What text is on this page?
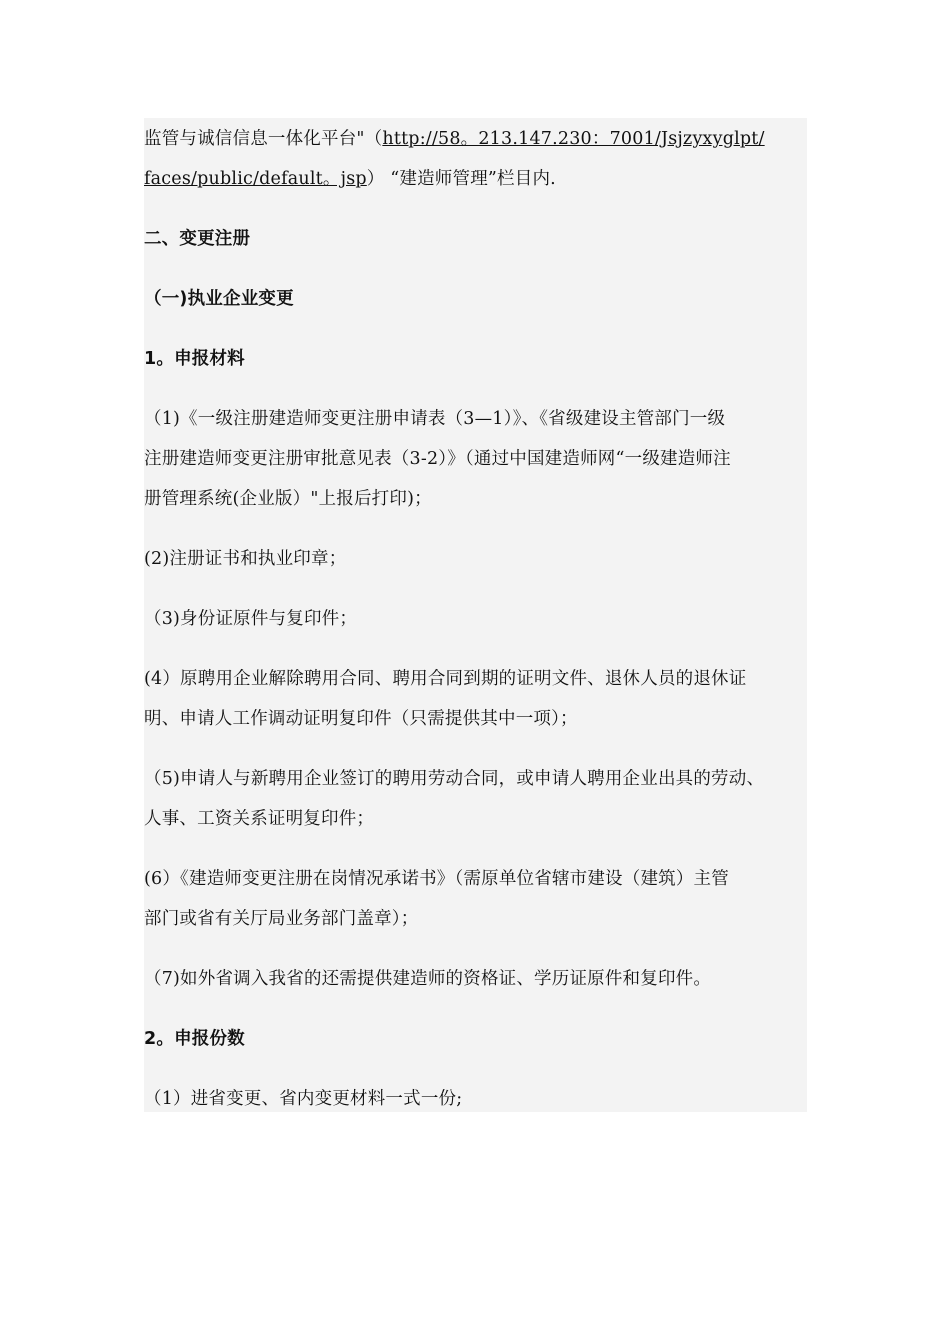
监管与诚信信息一体化平台"（http://58。213.147.230：7001/Jsjzyxyglpt/
faces/public/default。jsp） “建造师管理”栏目内.
二、变更注册
（一)执业企业变更
1。申报材料
（1)《一级注册建造师变更注册申请表（3—1）》、《省级建设主管部门一级
注册建造师变更注册审批意见表（3-2）》（通过中国建造师网“一级建造师注
册管理系统(企业版）"上报后打印)；
(2)注册证书和执业印章；
（3)身份证原件与复印件；
(4）原聘用企业解除聘用合同、聘用合同到期的证明文件、退休人员的退休证
明、申请人工作调动证明复印件（只需提供其中一项）；
（5)申请人与新聘用企业签订的聘用劳动合同，或申请人聘用企业出具的劳动、
人事、工资关系证明复印件；
(6）《建造师变更注册在岗情况承诺书》（需原单位省辖市建设（建筑）主管
部门或省有关厅局业务部门盖章）；
（7)如外省调入我省的还需提供建造师的资格证、学历证原件和复印件。
2。申报份数
（1）进省变更、省内变更材料一式一份;
